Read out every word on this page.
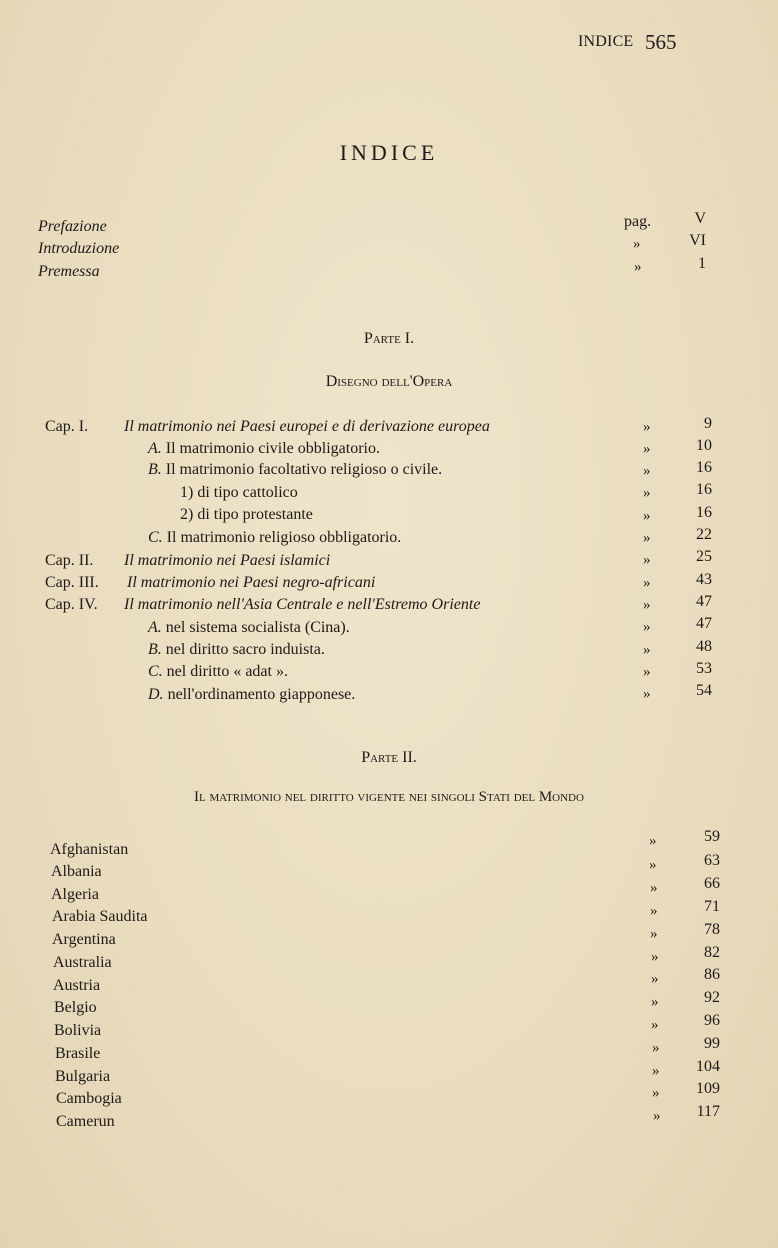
INDICE 565
INDICE
Prefazione	pag.	V
Introduzione	»	VI
Premessa	»	1
Parte I.
Disegno dell'Opera
Cap. I. Il matrimonio nei Paesi europei e di derivazione europea	»	9
A. Il matrimonio civile obbligatorio.	»	10
B. Il matrimonio facoltativo religioso o civile.	»	16
1) di tipo cattolico	»	16
2) di tipo protestante	»	16
C. Il matrimonio religioso obbligatorio.	»	22
Cap. II. Il matrimonio nei Paesi islamici	»	25
Cap. III. Il matrimonio nei Paesi negro-africani	»	43
Cap. IV. Il matrimonio nell'Asia Centrale e nell'Estremo Oriente	»	47
A. nel sistema socialista (Cina).	»	47
B. nel diritto sacro induista.	»	48
C. nel diritto « adat ».	»	53
D. nell'ordinamento giapponese.	»	54
Parte II.
Il matrimonio nel diritto vigente nei singoli Stati del Mondo
Afghanistan	»	59
Albania	»	63
Algeria	»	66
Arabia Saudita	»	71
Argentina	»	78
Australia	»	82
Austria	»	86
Belgio	»	92
Bolivia	»	96
Brasile	»	99
Bulgaria	»	104
Cambogia	»	109
Camerun	»	117
